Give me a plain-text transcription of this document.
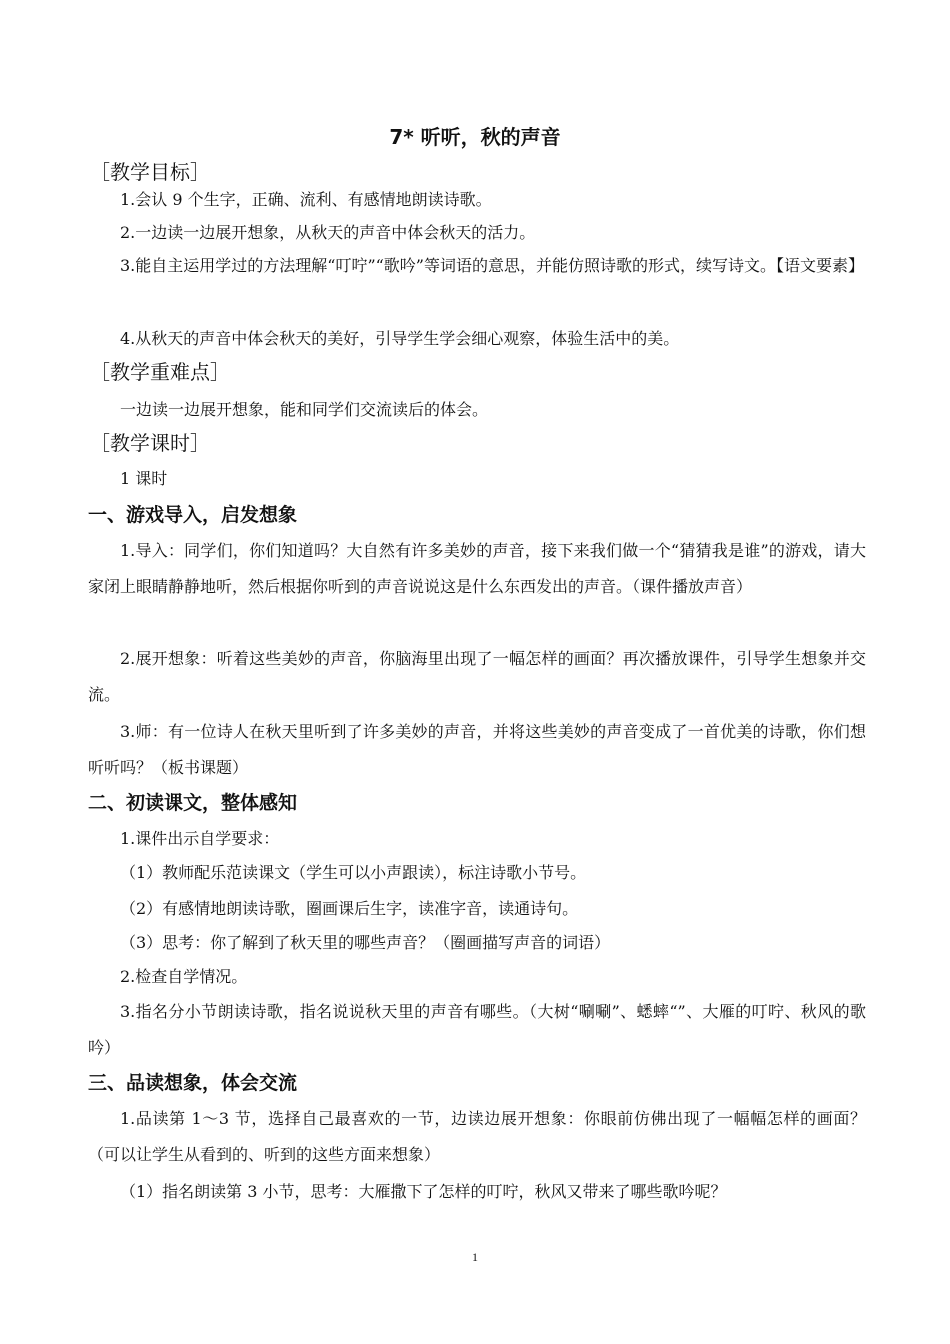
7* 听听，秋的声音
［教学目标］
1.会认 9 个生字，正确、流利、有感情地朗读诗歌。
2.一边读一边展开想象，从秋天的声音中体会秋天的活力。
3.能自主运用学过的方法理解“叮咛”“歌吟”等词语的意思，并能仿照诗歌的形式，续写诗文。【语文要素】
4.从秋天的声音中体会秋天的美好，引导学生学会细心观察，体验生活中的美。
［教学重难点］
一边读一边展开想象，能和同学们交流读后的体会。
［教学课时］
1 课时
一、游戏导入，启发想象
1.导入：同学们，你们知道吗？大自然有许多美妙的声音，接下来我们做一个“猜猜我是谁”的游戏，请大家闭上眼睛静静地听，然后根据你听到的声音说说这是什么东西发出的声音。（课件播放声音）
2.展开想象：听着这些美妙的声音，你脑海里出现了一幅怎样的画面？再次播放课件，引导学生想象并交流。
3.师：有一位诗人在秋天里听到了许多美妙的声音，并将这些美妙的声音变成了一首优美的诗歌，你们想听听吗？（板书课题）
二、初读课文，整体感知
1.课件出示自学要求：
（1）教师配乐范读课文（学生可以小声跟读），标注诗歌小节号。
（2）有感情地朗读诗歌，圈画课后生字，读准字音，读通诗句。
（3）思考：你了解到了秋天里的哪些声音？（圈画描写声音的词语）
2.检查自学情况。
3.指名分小节朗读诗歌，指名说说秋天里的声音有哪些。（大树“唰唰”、蟋蟀“”、大雁的叮咛、秋风的歌吟）
三、品读想象，体会交流
1.品读第 1～3 节，选择自己最喜欢的一节，边读边展开想象：你眼前仿佛出现了一幅幅怎样的画面？（可以让学生从看到的、听到的这些方面来想象）
（1）指名朗读第 3 小节，思考：大雁撒下了怎样的叮咛，秋风又带来了哪些歌吟呢？
1
